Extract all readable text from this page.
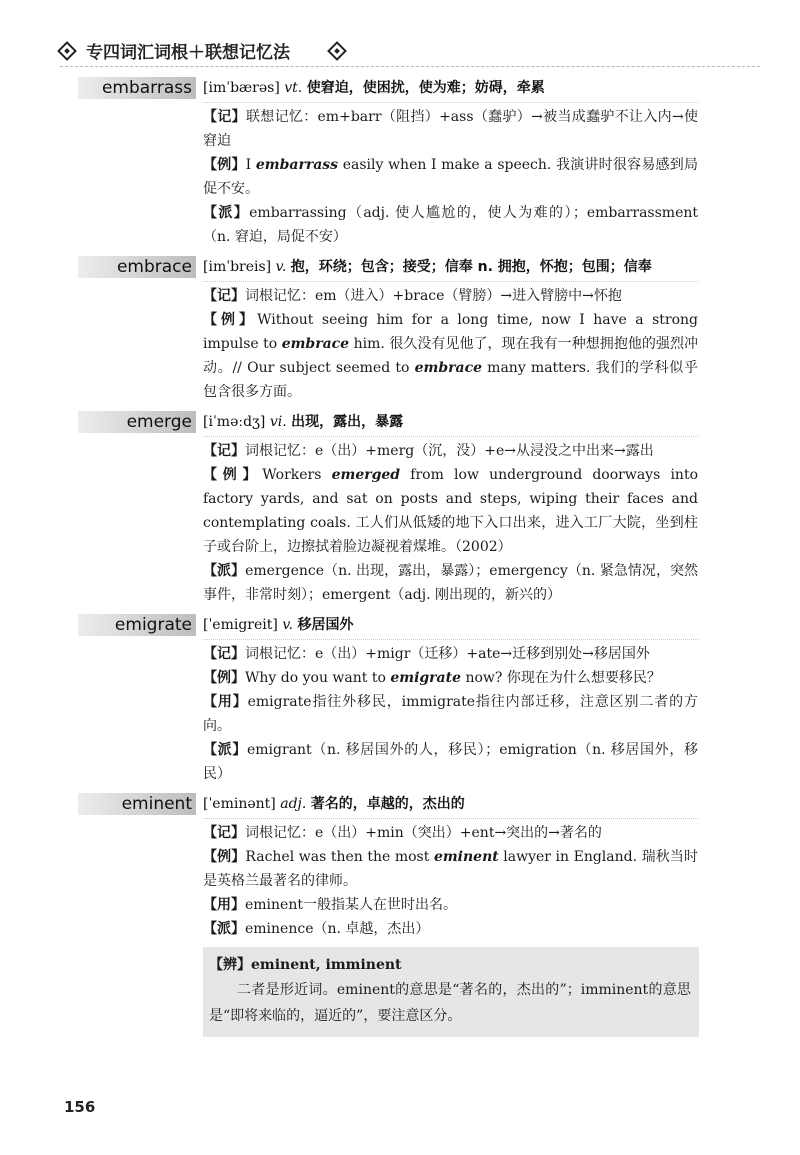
专四词汇词根＋联想记忆法
embarrass [imˈbærəs] vt. 使窘迫，使困扰，使为难；妨碍，牵累
【记】联想记忆：em+barr（阻挡）+ass（蠢驴）→被当成蠢驴不让入内→使窘迫
【例】I embarrass easily when I make a speech. 我演讲时很容易感到局促不安。
【派】embarrassing（adj. 使人尴尬的，使人为难的）；embarrassment（n. 窘迫，局促不安）
embrace [imˈbreis] v. 抱，环绕；包含；接受；信奉 n. 拥抱，怀抱；包围；信奉
【记】词根记忆：em（进入）+brace（臂膀）→进入臂膀中→怀抱
【例】Without seeing him for a long time, now I have a strong impulse to embrace him. 很久没有见他了，现在我有一种想拥抱他的强烈冲动。// Our subject seemed to embrace many matters. 我们的学科似乎包含很多方面。
emerge [iˈməːdʒ] vi. 出现，露出，暴露
【记】词根记忆：e（出）+merg（沉，没）+e→从浸没之中出来→露出
【例】Workers emerged from low underground doorways into factory yards, and sat on posts and steps, wiping their faces and contemplating coals. 工人们从低矮的地下入口出来，进入工厂大院，坐到柱子或台阶上，边擦拭着脸边凝视着煤堆。（2002）
【派】emergence（n. 出现，露出，暴露）；emergency（n. 紧急情况，突然事件，非常时刻）；emergent（adj. 刚出现的，新兴的）
emigrate [ˈemigreit] v. 移居国外
【记】词根记忆：e（出）+migr（迁移）+ate→迁移到别处→移居国外
【例】Why do you want to emigrate now? 你现在为什么想要移民？
【用】emigrate指往外移民，immigrate指往内部迁移，注意区别二者的方向。
【派】emigrant（n. 移居国外的人，移民）；emigration（n. 移居国外，移民）
eminent [ˈeminənt] adj. 著名的，卓越的，杰出的
【记】词根记忆：e（出）+min（突出）+ent→突出的→著名的
【例】Rachel was then the most eminent lawyer in England. 瑞秋当时是英格兰最著名的律师。
【用】eminent一般指某人在世时出名。
【派】eminence（n. 卓越，杰出）
【辨】eminent, imminent
二者是形近词。eminent的意思是“著名的，杰出的”；imminent的意思是“即将来临的，逼近的”，要注意区分。
156
